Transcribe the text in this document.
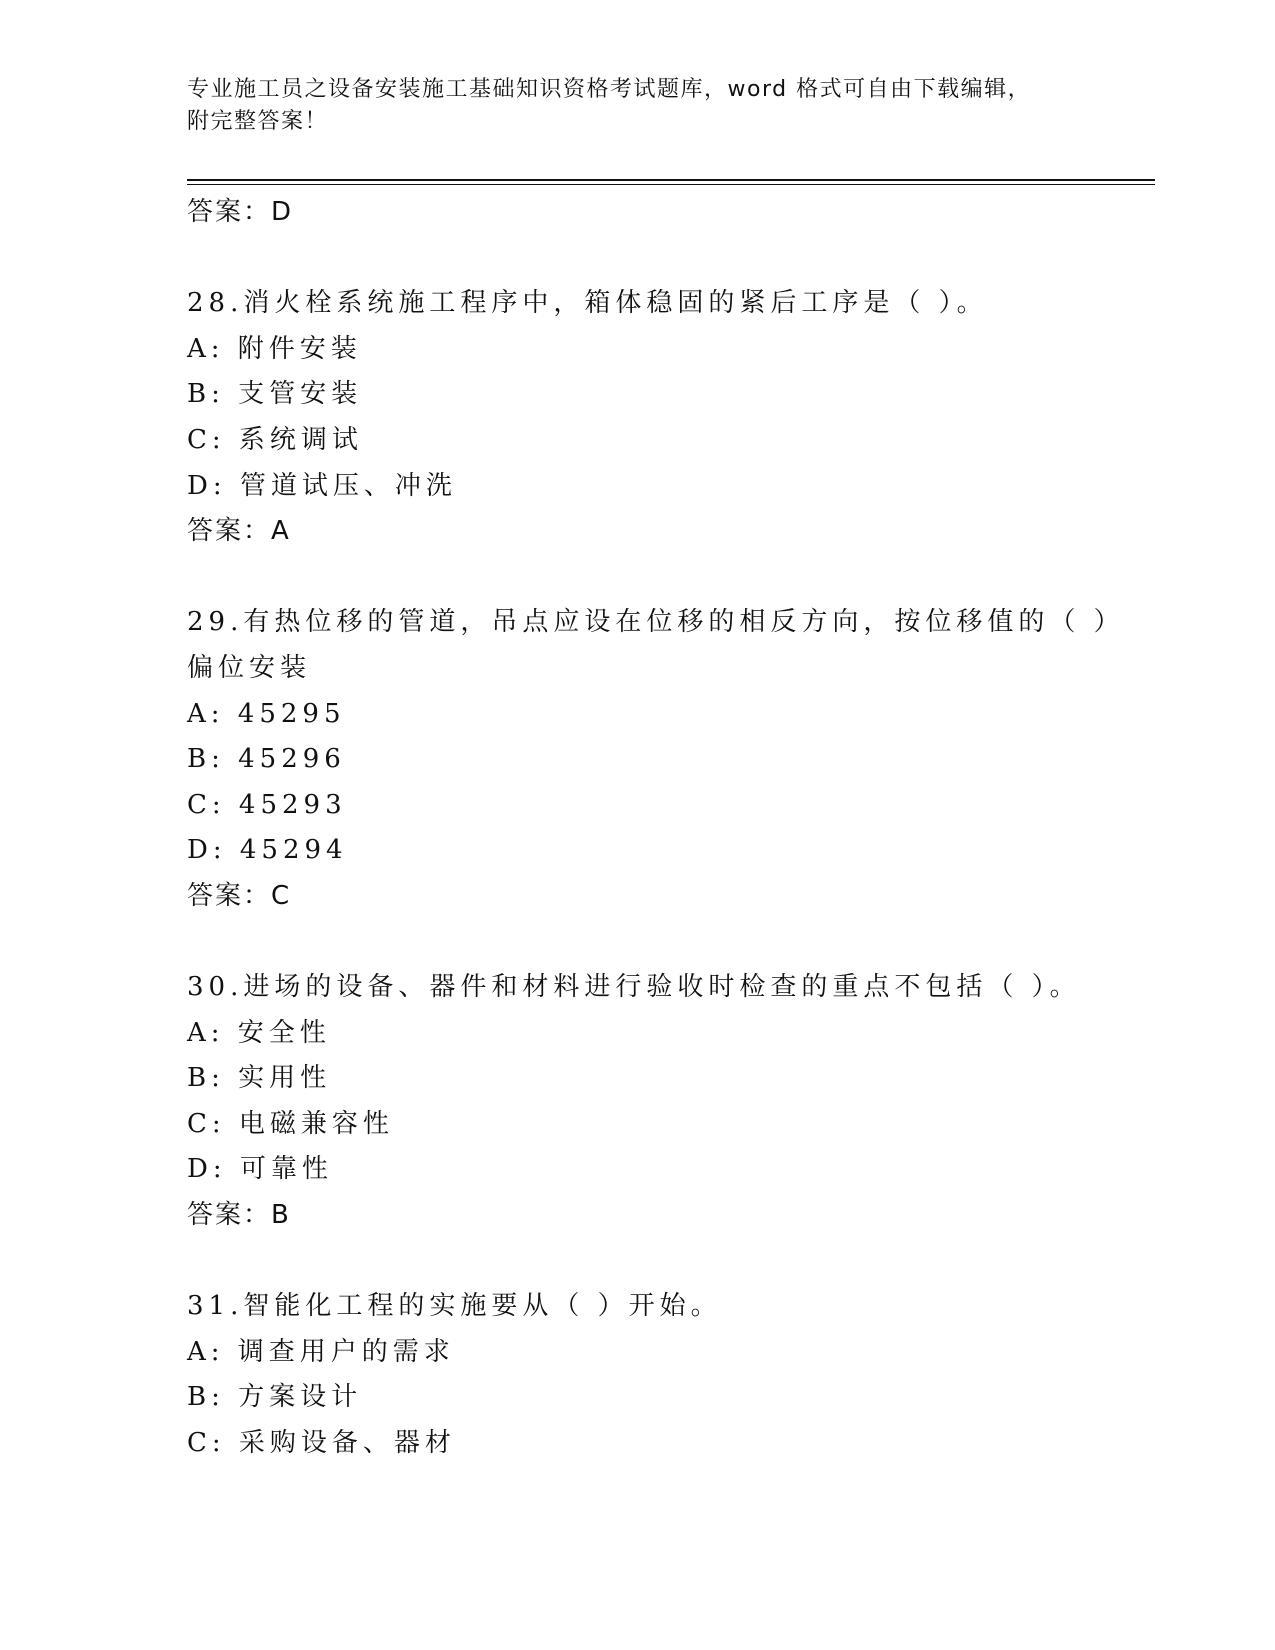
专业施工员之设备安装施工基础知识资格考试题库，word 格式可自由下载编辑，
附完整答案！
答案：D
28.消火栓系统施工程序中，箱体稳固的紧后工序是（ ）。
A: 附件安装
B: 支管安装
C: 系统调试
D: 管道试压、冲洗
答案：A
29.有热位移的管道，吊点应设在位移的相反方向，按位移值的（ ）
偏位安装
A: 45295
B: 45296
C: 45293
D: 45294
答案：C
30.进场的设备、器件和材料进行验收时检查的重点不包括（ ）。
A: 安全性
B: 实用性
C: 电磁兼容性
D: 可靠性
答案：B
31.智能化工程的实施要从（ ）开始。
A: 调查用户的需求
B: 方案设计
C: 采购设备、器材
